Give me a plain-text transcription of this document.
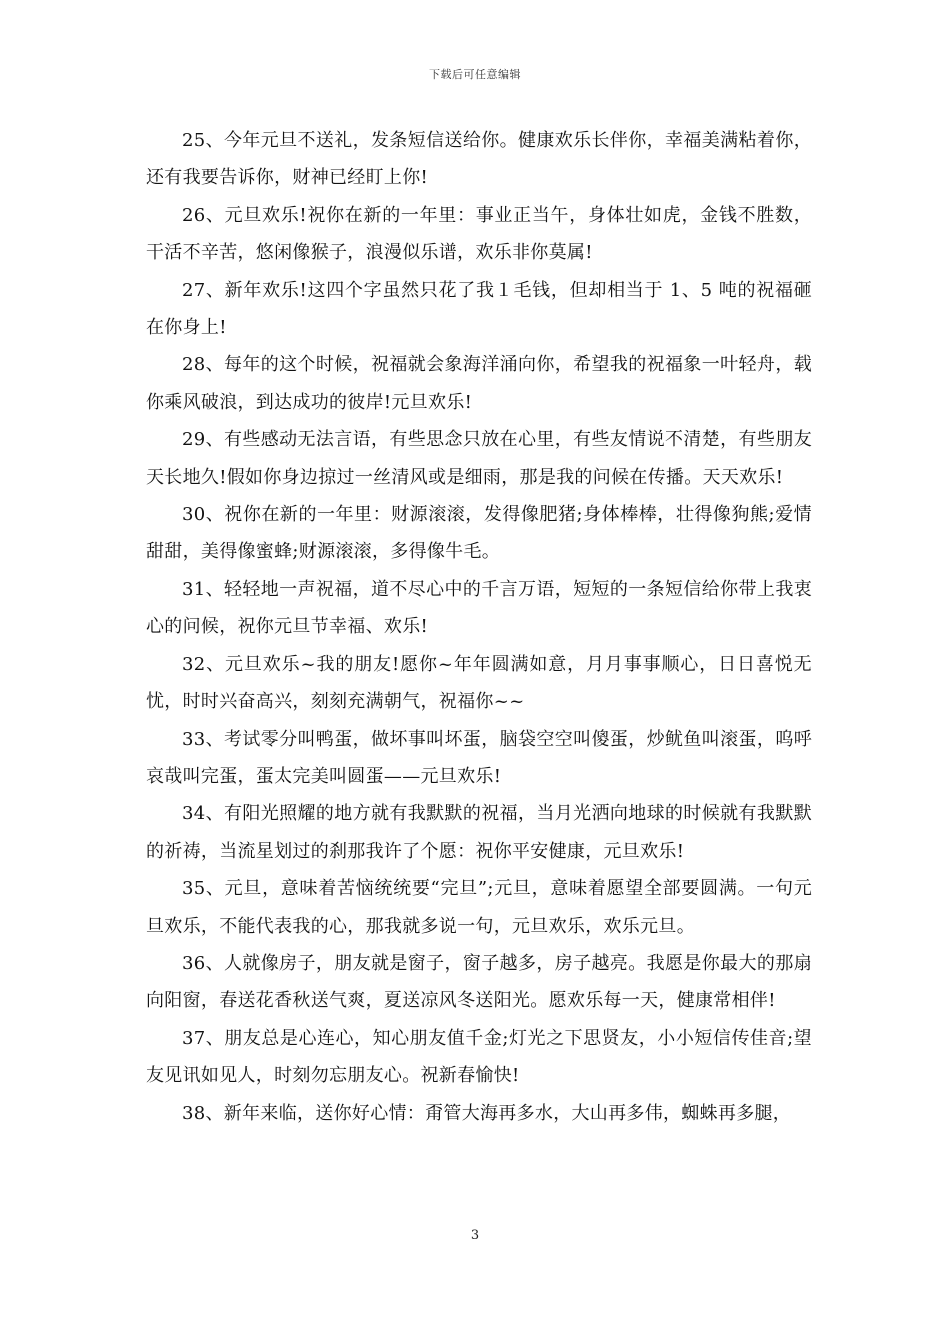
下载后可任意编辑

25、今年元旦不送礼，发条短信送给你。健康欢乐长伴你，幸福美满粘着你，还有我要告诉你，财神已经盯上你!

26、元旦欢乐!祝你在新的一年里：事业正当午，身体壮如虎，金钱不胜数，干活不辛苦，悠闲像猴子，浪漫似乐谱，欢乐非你莫属!

27、新年欢乐!这四个字虽然只花了我１毛钱，但却相当于 1、5 吨的祝福砸在你身上!

28、每年的这个时候，祝福就会象海洋涌向你，希望我的祝福象一叶轻舟，载你乘风破浪，到达成功的彼岸!元旦欢乐!

29、有些感动无法言语，有些思念只放在心里，有些友情说不清楚，有些朋友天长地久!假如你身边掠过一丝清风或是细雨，那是我的问候在传播。天天欢乐!

30、祝你在新的一年里：财源滚滚，发得像肥猪;身体棒棒，壮得像狗熊;爱情甜甜，美得像蜜蜂;财源滚滚，多得像牛毛。

31、轻轻地一声祝福，道不尽心中的千言万语，短短的一条短信给你带上我衷心的问候，祝你元旦节幸福、欢乐!

32、元旦欢乐~我的朋友!愿你~年年圆满如意，月月事事顺心，日日喜悦无忧，时时兴奋高兴，刻刻充满朝气，祝福你~~

33、考试零分叫鸭蛋，做坏事叫坏蛋，脑袋空空叫傻蛋，炒鱿鱼叫滚蛋，呜呼哀哉叫完蛋，蛋太完美叫圆蛋——元旦欢乐!

34、有阳光照耀的地方就有我默默的祝福，当月光洒向地球的时候就有我默默的祈祷，当流星划过的刹那我许了个愿：祝你平安健康，元旦欢乐!

35、元旦，意味着苦恼统统要“完旦”;元旦，意味着愿望全部要圆满。一句元旦欢乐，不能代表我的心，那我就多说一句，元旦欢乐，欢乐元旦。

36、人就像房子，朋友就是窗子，窗子越多，房子越亮。我愿是你最大的那扇向阳窗，春送花香秋送气爽，夏送凉风冬送阳光。愿欢乐每一天，健康常相伴!

37、朋友总是心连心，知心朋友值千金;灯光之下思贤友，小小短信传佳音;望友见讯如见人，时刻勿忘朋友心。祝新春愉快!

38、新年来临，送你好心情：甭管大海再多水，大山再多伟，蜘蛛再多腿，

3
